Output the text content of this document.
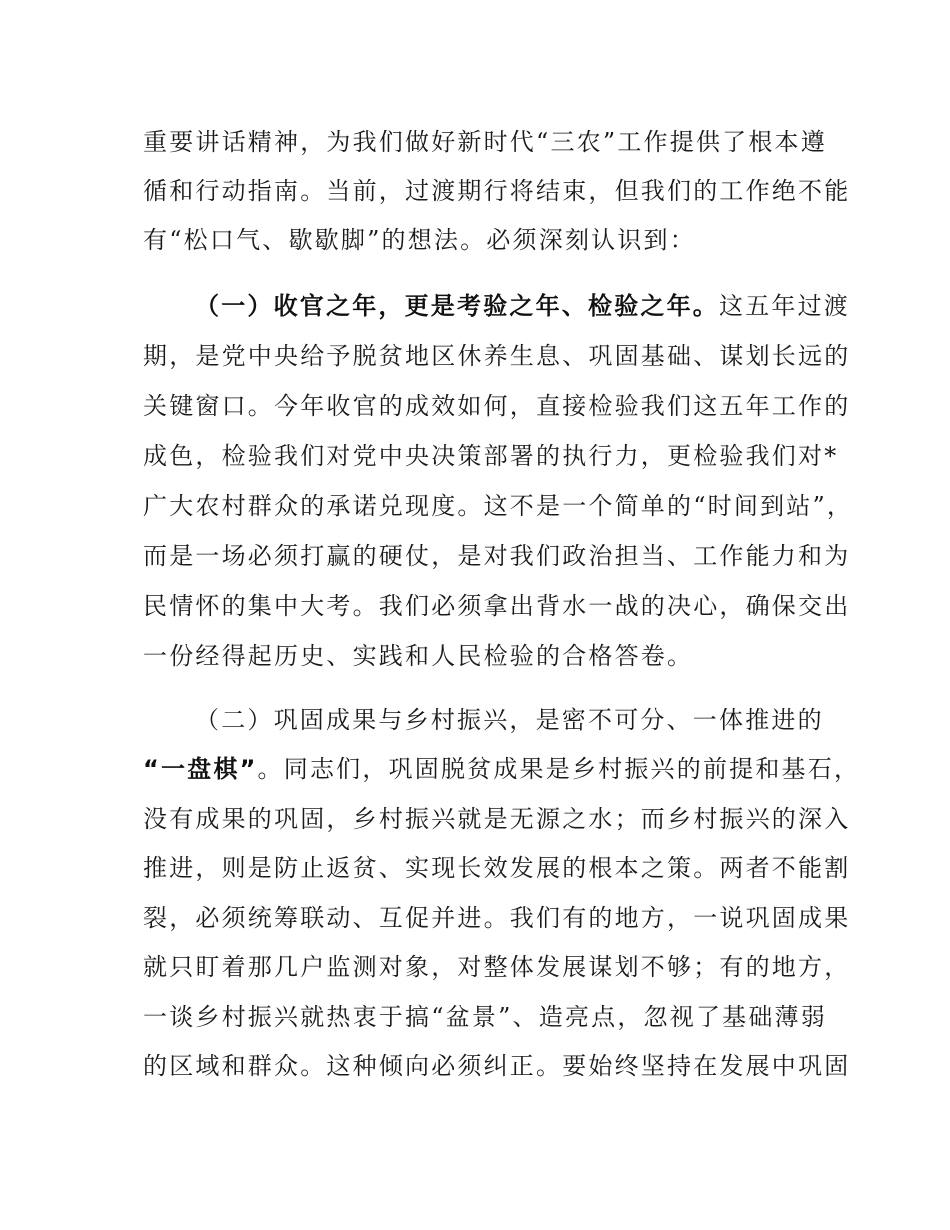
重要讲话精神，为我们做好新时代“三农”工作提供了根本遵
循和行动指南。当前，过渡期行将结束，但我们的工作绝不能
有“松口气、歇歇脚”的想法。必须深刻认识到：
（一）收官之年，更是考验之年、检验之年。这五年过渡
期，是党中央给予脱贫地区休养生息、巩固基础、谋划长远的
关键窗口。今年收官的成效如何，直接检验我们这五年工作的
成色，检验我们对党中央决策部署的执行力，更检验我们对*
广大农村群众的承诺兑现度。这不是一个简单的“时间到站”，
而是一场必须打赢的硬仗，是对我们政治担当、工作能力和为
民情怀的集中大考。我们必须拿出背水一战的决心，确保交出
一份经得起历史、实践和人民检验的合格答卷。
（二）巩固成果与乡村振兴，是密不可分、一体推进的
“一盘棋”。同志们，巩固脱贫成果是乡村振兴的前提和基石，
没有成果的巩固，乡村振兴就是无源之水；而乡村振兴的深入
推进，则是防止返贫、实现长效发展的根本之策。两者不能割
裂，必须统筹联动、互促并进。我们有的地方，一说巩固成果
就只盯着那几户监测对象，对整体发展谋划不够；有的地方，
一谈乡村振兴就热衷于搞“盆景”、造亮点，忽视了基础薄弱
的区域和群众。这种倾向必须纠正。要始终坚持在发展中巩固
